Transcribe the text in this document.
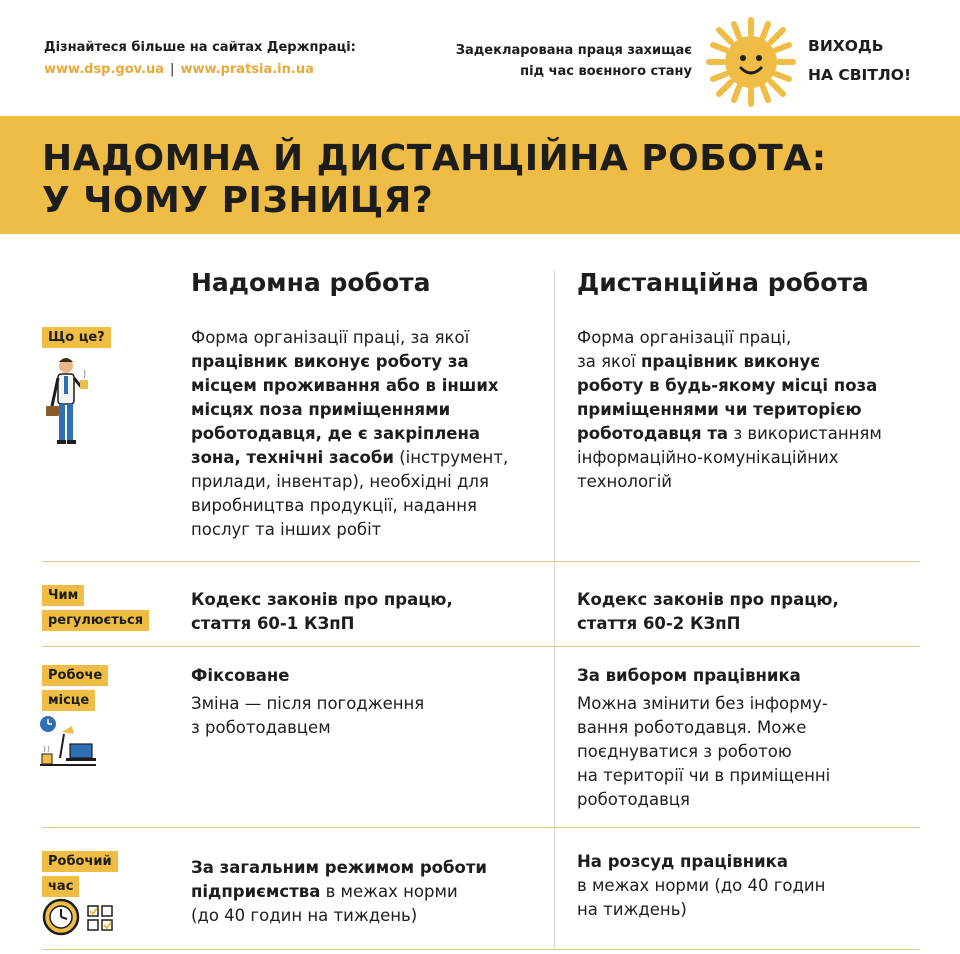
Дізнайтеся більше на сайтах Держпраці:
www.dsp.gov.ua | www.pratsia.in.ua
Задекларована праця захищає
під час воєнного стану
ВИХОДЬ
НА СВІТЛО!
НАДОМНА Й ДИСТАНЦІЙНА РОБОТА:
У ЧОМУ РІЗНИЦЯ?
Надомна робота	Дистанційна робота
Що це?	Форма організації праці, за якої
працівник виконує роботу за
місцем проживання або в інших
місцях поза приміщеннями
роботодавця, де є закріплена
зона, технічні засоби (інструмент,
прилади, інвентар), необхідні для
виробництва продукції, надання
послуг та інших робіт
Форма організації праці,
за якої працівник виконує
роботу в будь-якому місці поза
приміщеннями чи територією
роботодавця та з використанням
інформаційно-комунікаційних
технологій
Чим
регулюється
Кодекс законів про працю,
стаття 60-1 КЗпП
Кодекс законів про працю,
стаття 60-2 КЗпП
Робоче
місце
Фіксоване
Зміна — після погодження
з роботодавцем
За вибором працівника
Можна змінити без інформу-
вання роботодавця. Може
поєднуватися з роботою
на території чи в приміщенні
роботодавця
Робочий
час
За загальним режимом роботи
підприємства в межах норми
(до 40 годин на тиждень)
На розсуд працівника
в межах норми (до 40 годин
на тиждень)
